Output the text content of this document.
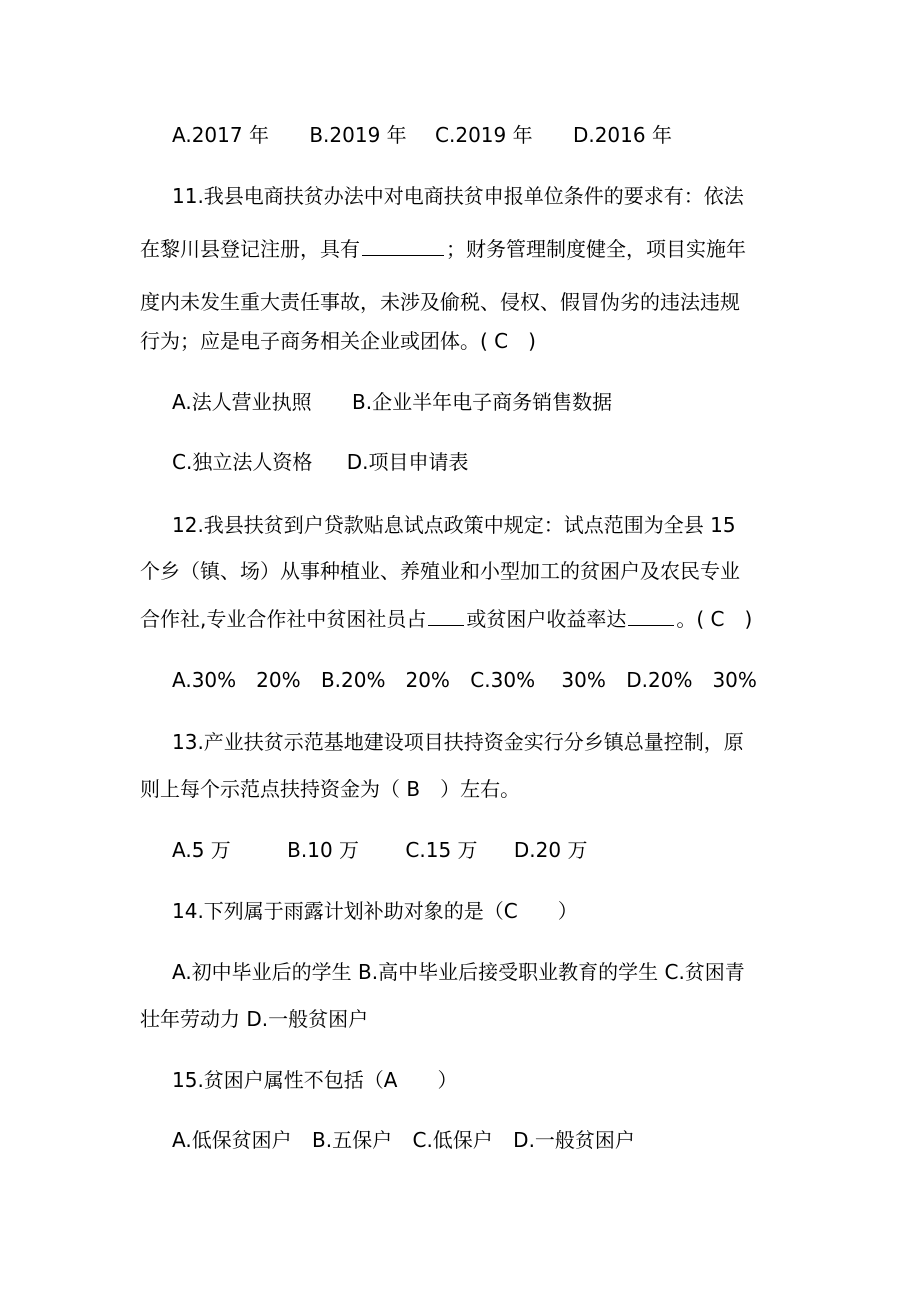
A.2017 年 B.2019 年 C.2019 年 D.2016 年
11.我县电商扶贫办法中对电商扶贫申报单位条件的要求有：依法
在黎川县登记注册，具有	；财务管理制度健全，项目实施年
度内未发生重大责任事故，未涉及偷税、侵权、假冒伪劣的违法违规
行为；应是电子商务相关企业或团体。( C　)
A.法人营业执照 B.企业半年电子商务销售数据
C.独立法人资格 D.项目申请表
12.我县扶贫到户贷款贴息试点政策中规定：试点范围为全县 15
个乡（镇、场）从事种植业、养殖业和小型加工的贫困户及农民专业
合作社,专业合作社中贫困社员占 或贫困户收益率达	。( C　)
A.30%　20% B.20%　20% C.30%　 30% D.20%　30%
13.产业扶贫示范基地建设项目扶持资金实行分乡镇总量控制，原
则上每个示范点扶持资金为（ B　）左右。
A.5 万	B.10 万 C.15 万 D.20 万
14.下列属于雨露计划补助对象的是（C　　）
A.初中毕业后的学生 B.高中毕业后接受职业教育的学生 C.贫困青
壮年劳动力 D.一般贫困户
15.贫困户属性不包括（A　　）
A.低保贫困户 B.五保户 C.低保户 D.一般贫困户
